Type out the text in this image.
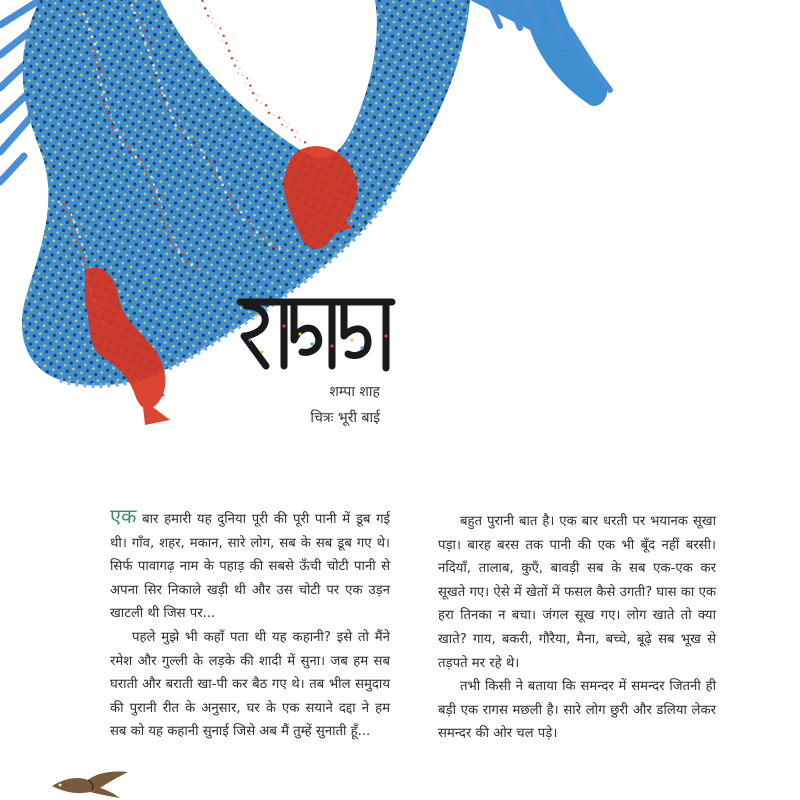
शम्पा शाह
चित्रः भूरी बाई

एक बार हमारी यह दुनिया पूरी की पूरी पानी में डूब गई थी। गाँव, शहर, मकान, सारे लोग, सब के सब डूब गए थे। सिर्फ पावागढ़ नाम के पहाड़ की सबसे ऊँची चोटी पानी से अपना सिर निकाले खड़ी थी और उस चोटी पर एक उड़न खाटली थी जिस पर...

पहले मुझे भी कहाँ पता थी यह कहानी? इसे तो मैंने रमेश और गुल्ली के लड़के की शादी में सुना। जब हम सब घराती और बराती खा-पी कर बैठ गए थे। तब भील समुदाय की पुरानी रीत के अनुसार, घर के एक सयाने दद्दा ने हम सब को यह कहानी सुनाई जिसे अब मैं तुम्हें सुनाती हूँ...

बहुत पुरानी बात है। एक बार धरती पर भयानक सूखा पड़ा। बारह बरस तक पानी की एक भी बूँद नहीं बरसी। नदियाँ, तालाब, कुएँ, बावड़ी सब के सब एक-एक कर सूखते गए। ऐसे में खेतों में फसल कैसे उगती? घास का एक हरा तिनका न बचा। जंगल सूख गए। लोग खाते तो क्या खाते? गाय, बकरी, गौरैया, मैना, बच्चे, बूढ़े सब भूख से तड़पते मर रहे थे।

तभी किसी ने बताया कि समन्दर में समन्दर जितनी ही बड़ी एक रागस मछली है। सारे लोग छुरी और डलिया लेकर समन्दर की ओर चल पड़े।
